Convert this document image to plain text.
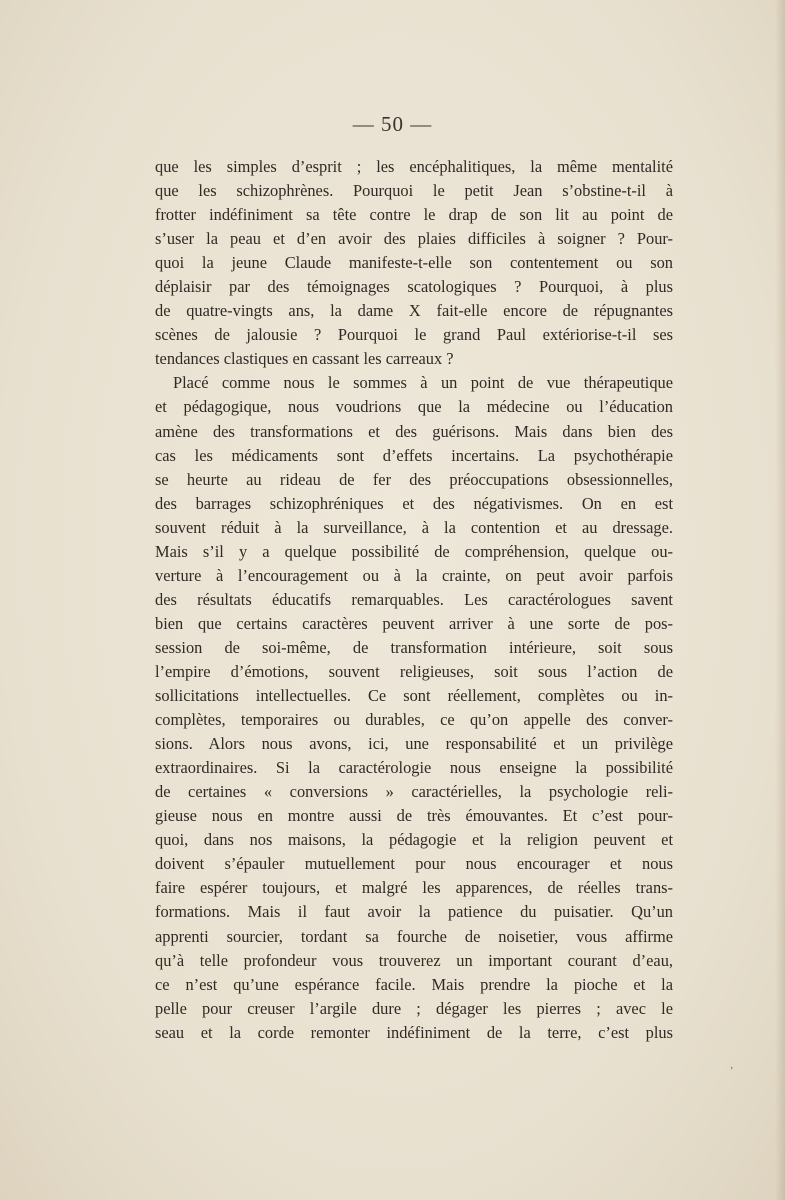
— 50 —
que les simples d’esprit ; les encéphalitiques, la même mentalité
que les schizophrènes. Pourquoi le petit Jean s’obstine-t-il à
frotter indéfiniment sa tête contre le drap de son lit au point de
s’user la peau et d’en avoir des plaies difficiles à soigner ? Pour-
quoi la jeune Claude manifeste-t-elle son contentement ou son
déplaisir par des témoignages scatologiques ? Pourquoi, à plus
de quatre-vingts ans, la dame X fait-elle encore de répugnantes
scènes de jalousie ? Pourquoi le grand Paul extériorise-t-il ses
tendances clastiques en cassant les carreaux ?
Placé comme nous le sommes à un point de vue thérapeutique
et pédagogique, nous voudrions que la médecine ou l’éducation
amène des transformations et des guérisons. Mais dans bien des
cas les médicaments sont d’effets incertains. La psychothérapie
se heurte au rideau de fer des préoccupations obsessionnelles,
des barrages schizophréniques et des négativismes. On en est
souvent réduit à la surveillance, à la contention et au dressage.
Mais s’il y a quelque possibilité de compréhension, quelque ou-
verture à l’encouragement ou à la crainte, on peut avoir parfois
des résultats éducatifs remarquables. Les caractérologues savent
bien que certains caractères peuvent arriver à une sorte de pos-
session de soi-même, de transformation intérieure, soit sous
l’empire d’émotions, souvent religieuses, soit sous l’action de
sollicitations intellectuelles. Ce sont réellement, complètes ou in-
complètes, temporaires ou durables, ce qu’on appelle des conver-
sions. Alors nous avons, ici, une responsabilité et un privilège
extraordinaires. Si la caractérologie nous enseigne la possibilité
de certaines « conversions » caractérielles, la psychologie reli-
gieuse nous en montre aussi de très émouvantes. Et c’est pour-
quoi, dans nos maisons, la pédagogie et la religion peuvent et
doivent s’épauler mutuellement pour nous encourager et nous
faire espérer toujours, et malgré les apparences, de réelles trans-
formations. Mais il faut avoir la patience du puisatier. Qu’un
apprenti sourcier, tordant sa fourche de noisetier, vous affirme
qu’à telle profondeur vous trouverez un important courant d’eau,
ce n’est qu’une espérance facile. Mais prendre la pioche et la
pelle pour creuser l’argile dure ; dégager les pierres ; avec le
seau et la corde remonter indéfiniment de la terre, c’est plus
’
